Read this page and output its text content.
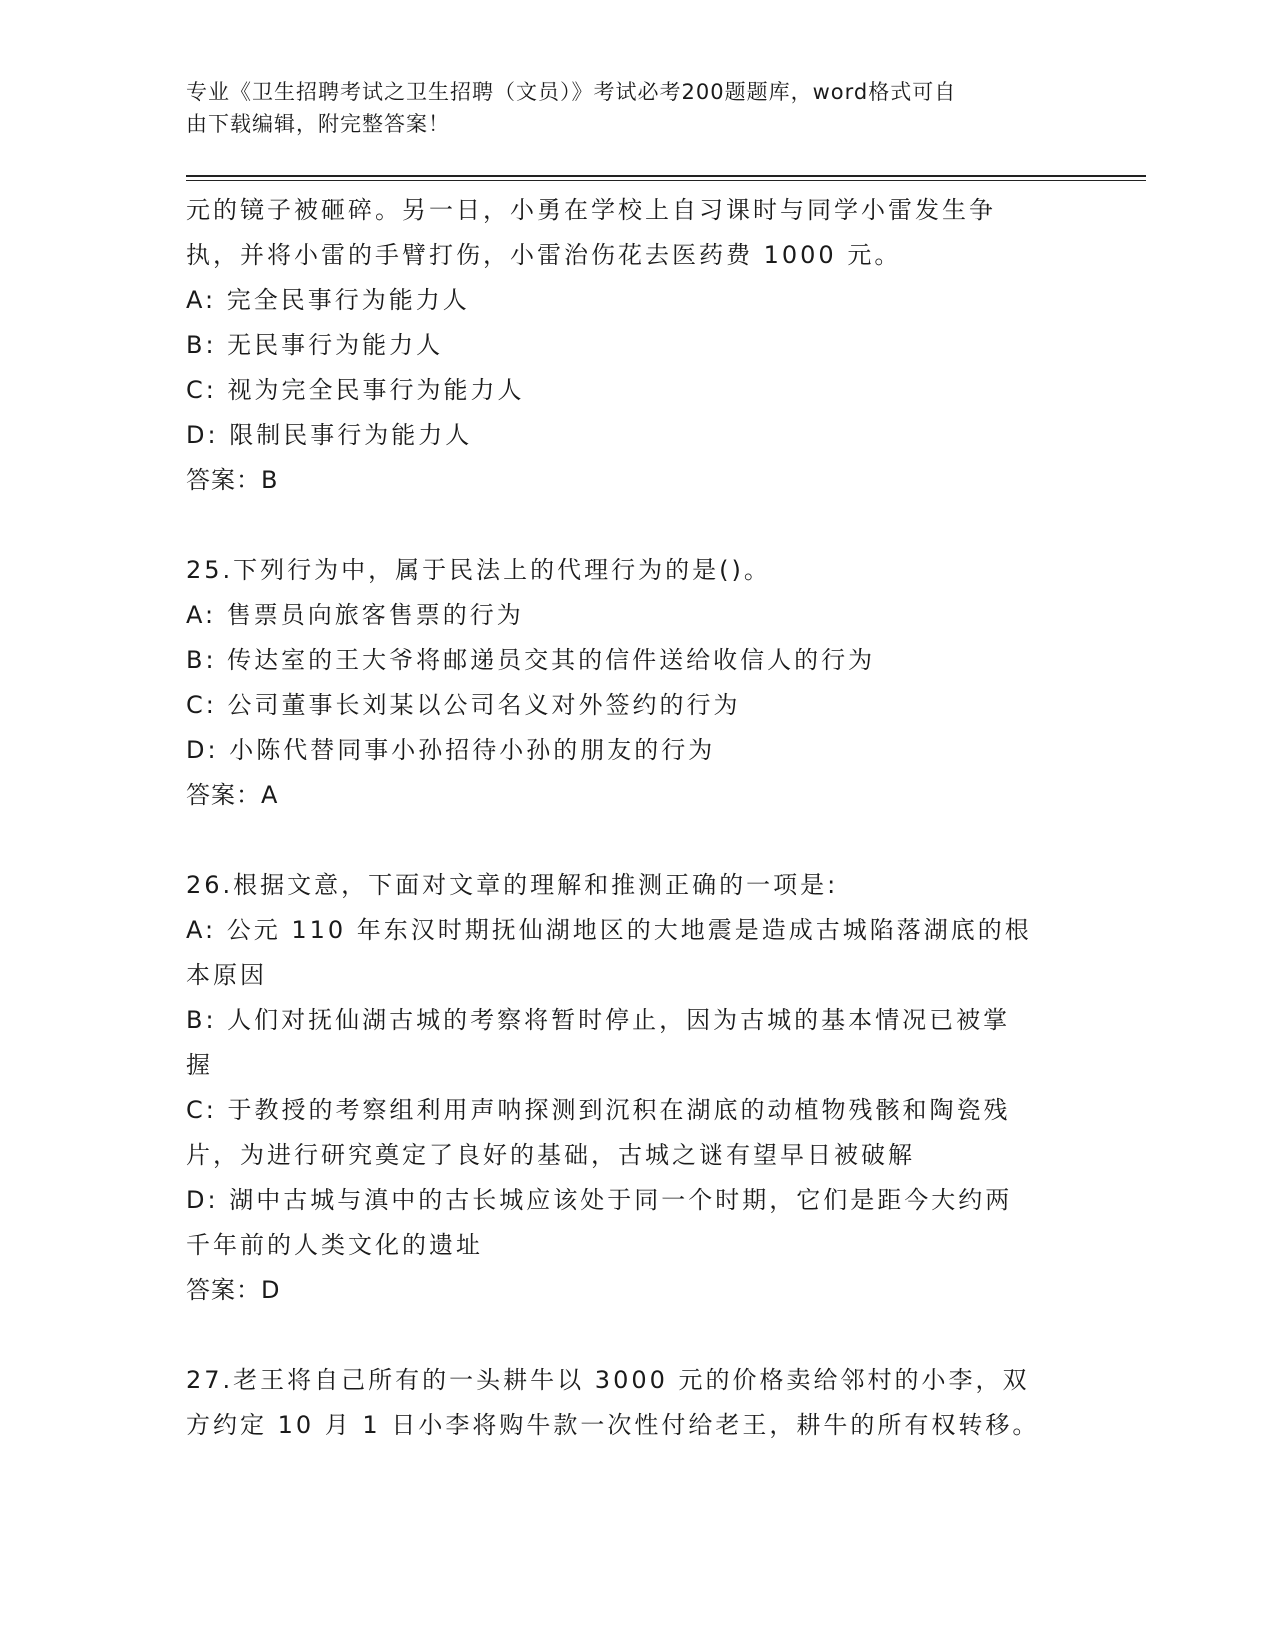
专业《卫生招聘考试之卫生招聘（文员）》考试必考200题题库，word格式可自
由下载编辑，附完整答案！
元的镜子被砸碎。另一日，小勇在学校上自习课时与同学小雷发生争
执，并将小雷的手臂打伤，小雷治伤花去医药费 1000 元。
A: 完全民事行为能力人
B: 无民事行为能力人
C: 视为完全民事行为能力人
D: 限制民事行为能力人
答案：B
25.下列行为中，属于民法上的代理行为的是()。
A: 售票员向旅客售票的行为
B: 传达室的王大爷将邮递员交其的信件送给收信人的行为
C: 公司董事长刘某以公司名义对外签约的行为
D: 小陈代替同事小孙招待小孙的朋友的行为
答案：A
26.根据文意，下面对文章的理解和推测正确的一项是:
A: 公元 110 年东汉时期抚仙湖地区的大地震是造成古城陷落湖底的根
本原因
B: 人们对抚仙湖古城的考察将暂时停止，因为古城的基本情况已被掌
握
C: 于教授的考察组利用声呐探测到沉积在湖底的动植物残骸和陶瓷残
片，为进行研究奠定了良好的基础，古城之谜有望早日被破解
D: 湖中古城与滇中的古长城应该处于同一个时期，它们是距今大约两
千年前的人类文化的遗址
答案：D
27.老王将自己所有的一头耕牛以 3000 元的价格卖给邻村的小李，双
方约定 10 月 1 日小李将购牛款一次性付给老王，耕牛的所有权转移。
